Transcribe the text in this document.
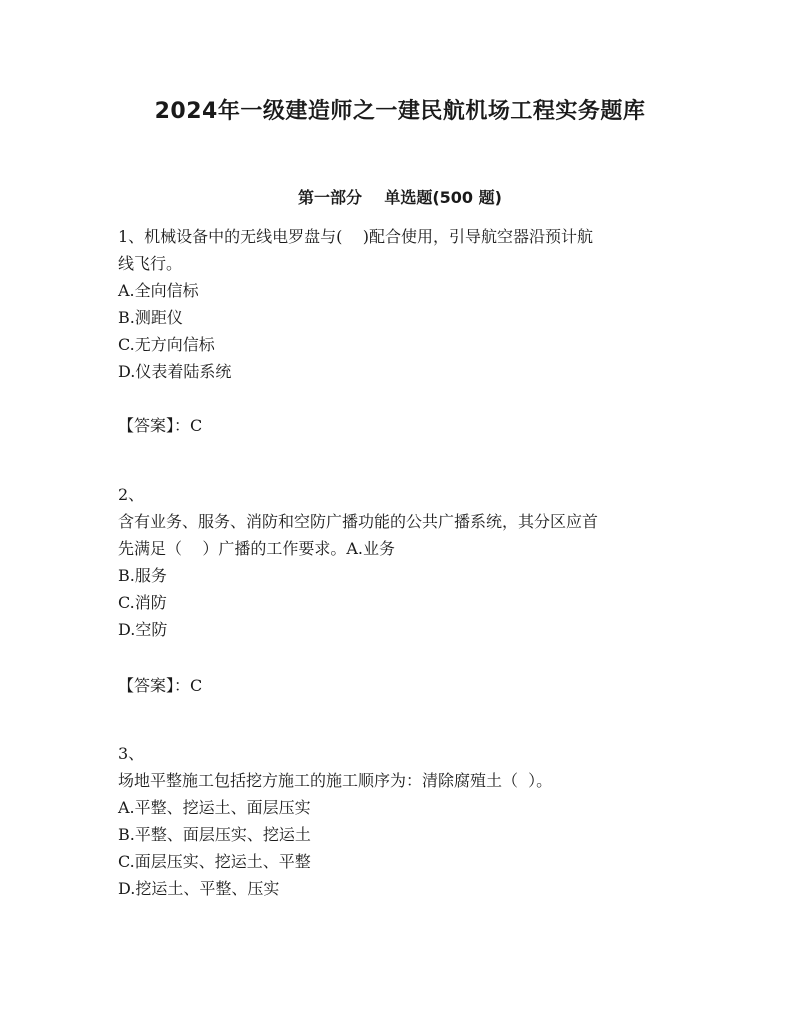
2024年一级建造师之一建民航机场工程实务题库
第一部分    单选题(500 题)

1、机械设备中的无线电罗盘与(    )配合使用，引导航空器沿预计航

线飞行。

A.全向信标

B.测距仪

C.无方向信标

D.仪表着陆系统

【答案】：C

2、

含有业务、服务、消防和空防广播功能的公共广播系统，其分区应首

先满足（    ）广播的工作要求。A.业务

B.服务

C.消防

D.空防

【答案】：C

3、

场地平整施工包括挖方施工的施工顺序为：清除腐殖土（  ）。

A.平整、挖运土、面层压实

B.平整、面层压实、挖运土

C.面层压实、挖运土、平整

D.挖运土、平整、压实
